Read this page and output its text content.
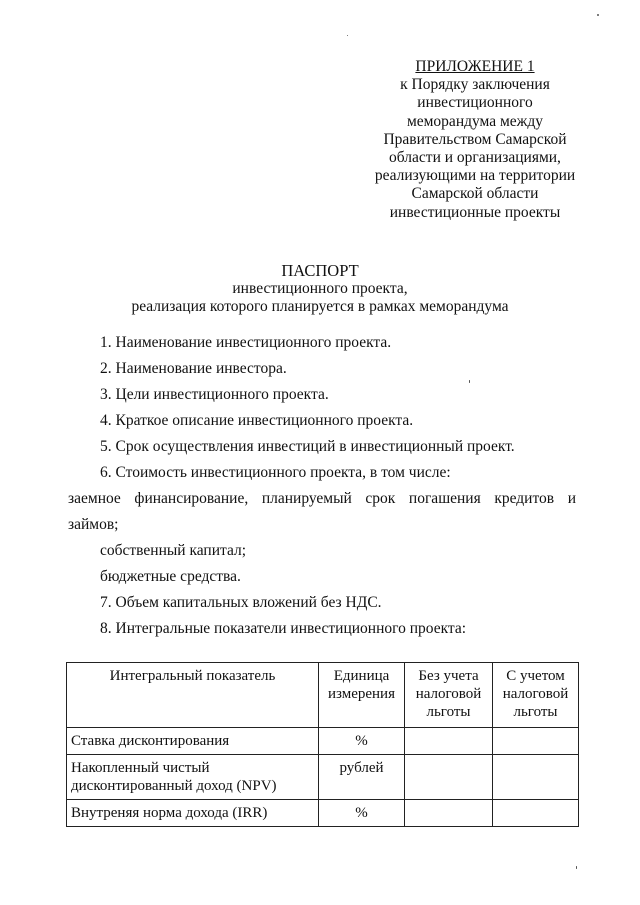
ПРИЛОЖЕНИЕ 1
к Порядку заключения
инвестиционного
меморандума между
Правительством Самарской
области и организациями,
реализующими на территории
Самарской области
инвестиционные проекты
ПАСПОРТ
инвестиционного проекта,
реализация которого планируется в рамках меморандума

1. Наименование инвестиционного проекта.

2. Наименование инвестора.

3. Цели инвестиционного проекта.

4. Краткое описание инвестиционного проекта.

5. Срок осуществления инвестиций в инвестиционный проект.

6. Стоимость инвестиционного проекта, в том числе:

заемное финансирование, планируемый срок погашения кредитов и

займов;

собственный капитал;

бюджетные средства.

7. Объем капитальных вложений без НДС.

8. Интегральные показатели инвестиционного проекта:

Интегральный показатель	Единица измерения	Без учета налоговой льготы	С учетом налоговой льготы
Ставка дисконтирования	%		
Накопленный чистый дисконтированный доход (NPV)	рублей		
Внутреняя норма дохода (IRR)	%		
